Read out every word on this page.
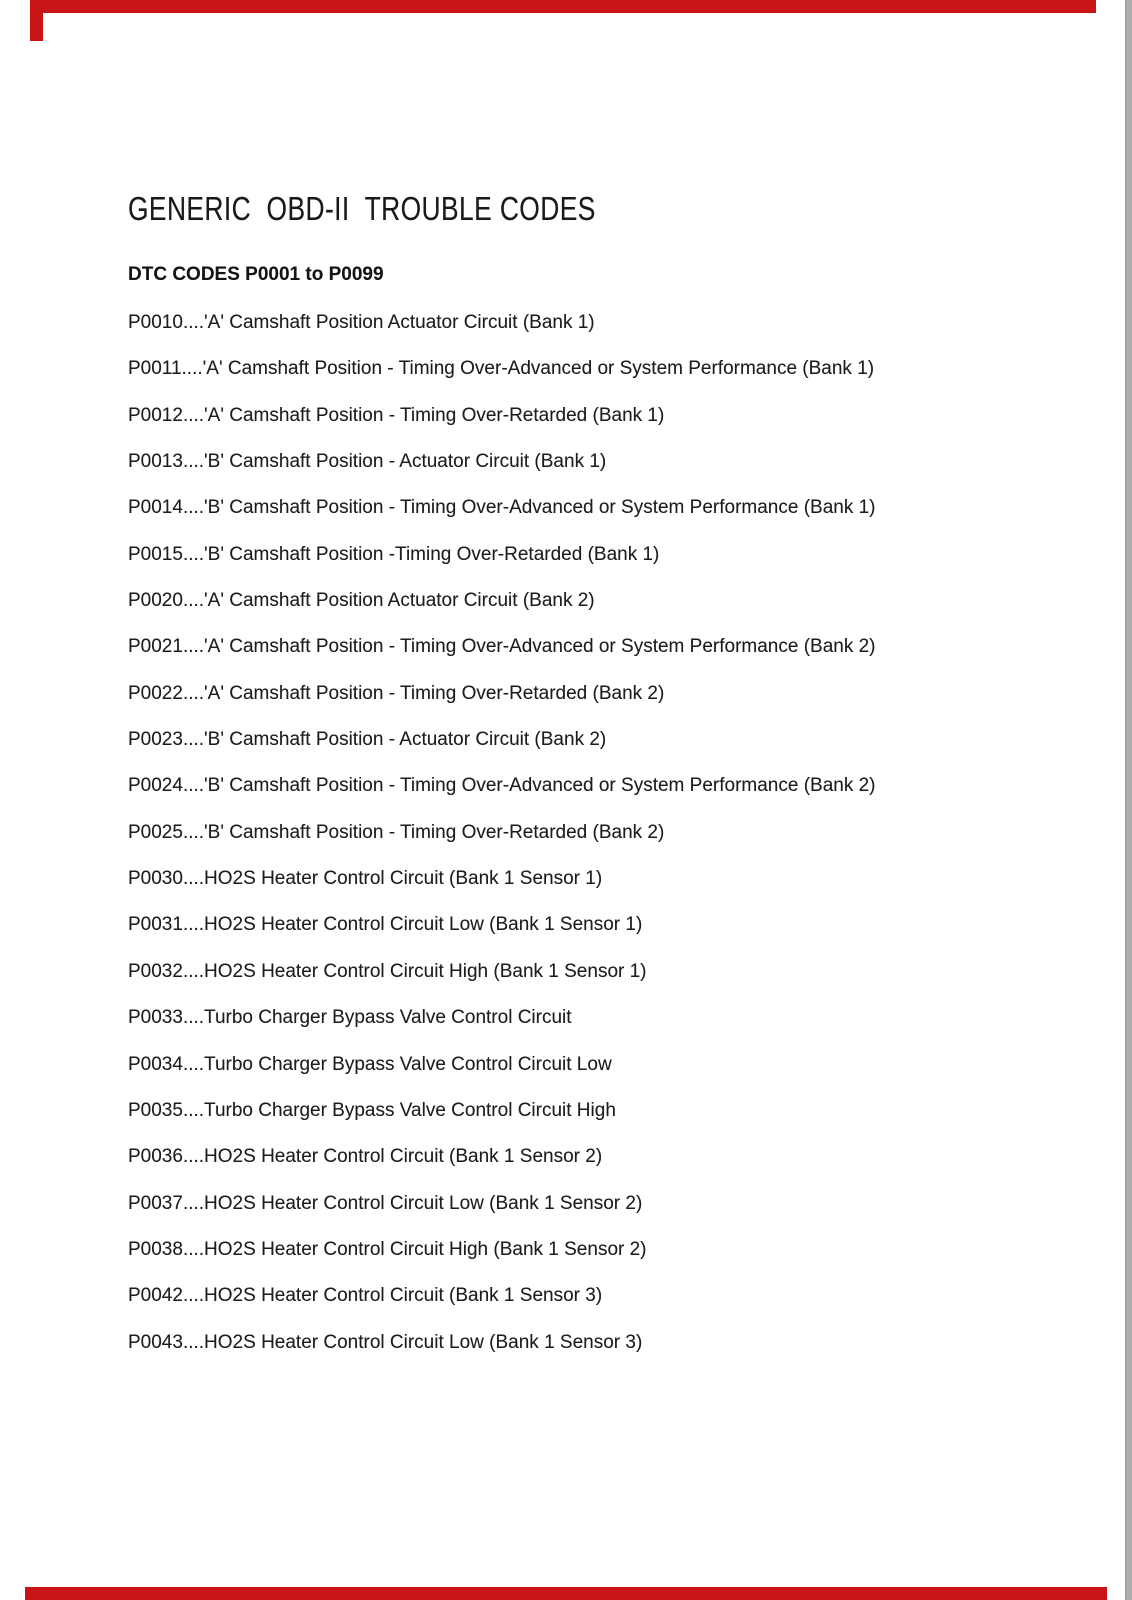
GENERIC  OBD-II  TROUBLE CODES
DTC CODES P0001 to P0099
P0010....'A' Camshaft Position Actuator Circuit (Bank 1)
P0011....'A' Camshaft Position - Timing Over-Advanced or System Performance (Bank 1)
P0012....'A' Camshaft Position - Timing Over-Retarded (Bank 1)
P0013....'B' Camshaft Position - Actuator Circuit (Bank 1)
P0014....'B' Camshaft Position - Timing Over-Advanced or System Performance (Bank 1)
P0015....'B' Camshaft Position -Timing Over-Retarded (Bank 1)
P0020....'A' Camshaft Position Actuator Circuit (Bank 2)
P0021....'A' Camshaft Position - Timing Over-Advanced or System Performance (Bank 2)
P0022....'A' Camshaft Position - Timing Over-Retarded (Bank 2)
P0023....'B' Camshaft Position - Actuator Circuit (Bank 2)
P0024....'B' Camshaft Position - Timing Over-Advanced or System Performance (Bank 2)
P0025....'B' Camshaft Position - Timing Over-Retarded (Bank 2)
P0030....HO2S Heater Control Circuit (Bank 1 Sensor 1)
P0031....HO2S Heater Control Circuit Low (Bank 1 Sensor 1)
P0032....HO2S Heater Control Circuit High (Bank 1 Sensor 1)
P0033....Turbo Charger Bypass Valve Control Circuit
P0034....Turbo Charger Bypass Valve Control Circuit Low
P0035....Turbo Charger Bypass Valve Control Circuit High
P0036....HO2S Heater Control Circuit (Bank 1 Sensor 2)
P0037....HO2S Heater Control Circuit Low (Bank 1 Sensor 2)
P0038....HO2S Heater Control Circuit High (Bank 1 Sensor 2)
P0042....HO2S Heater Control Circuit (Bank 1 Sensor 3)
P0043....HO2S Heater Control Circuit Low (Bank 1 Sensor 3)
